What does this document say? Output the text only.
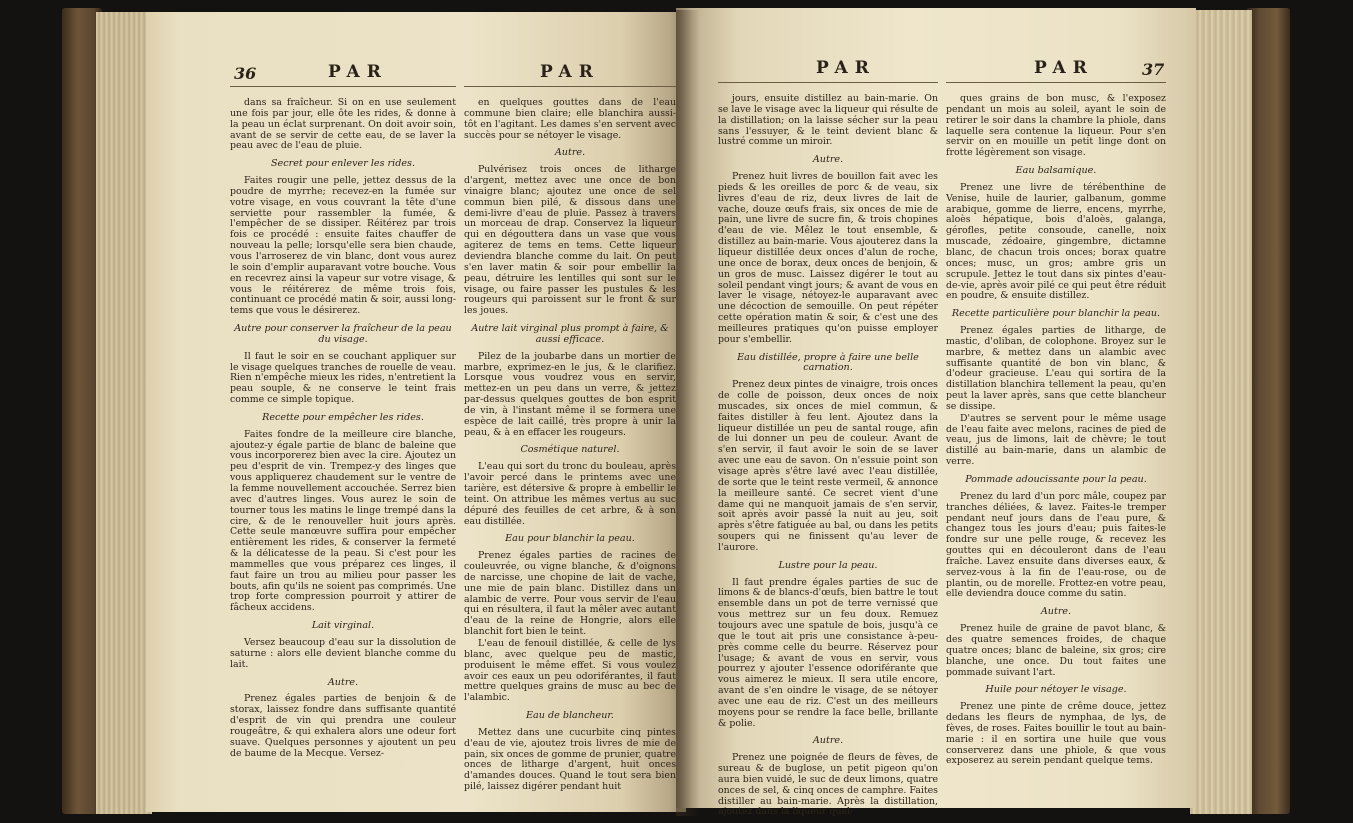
36	PAR	PAR

dans sa fraîcheur. Si on en use seulement une fois par jour, elle ôte les rides, & donne à la peau un éclat surprenant. On doit avoir soin, avant de se servir de cette eau, de se laver la peau avec de l'eau de pluie.

Secret pour enlever les rides.

Faites rougir une pelle, jettez dessus de la poudre de myrrhe; recevez-en la fumée sur votre visage, en vous couvrant la tête d'une serviette pour rassembler la fumée, & l'empêcher de se dissiper. Réitérez par trois fois ce procédé : ensuite faites chauffer de nouveau la pelle; lorsqu'elle sera bien chaude, vous l'arroserez de vin blanc, dont vous aurez le soin d'emplir auparavant votre bouche. Vous en recevrez ainsi la vapeur sur votre visage, & vous le réitérerez de même trois fois, continuant ce procédé matin & soir, aussi long-tems que vous le désirerez.

Autre pour conserver la fraîcheur de la peau du visage.

Il faut le soir en se couchant appliquer sur le visage quelques tranches de rouelle de veau. Rien n'empêche mieux les rides, n'entretient la peau souple, & ne conserve le teint frais comme ce simple topique.

Recette pour empêcher les rides.

Faites fondre de la meilleure cire blanche, ajoutez-y égale partie de blanc de baleine que vous incorporerez bien avec la cire. Ajoutez un peu d'esprit de vin. Trempez-y des linges que vous appliquerez chaudement sur le ventre de la femme nouvellement accouchée. Serrez bien avec d'autres linges. Vous aurez le soin de tourner tous les matins le linge trempé dans la cire, & de le renouveller huit jours après. Cette seule manœuvre suffira pour empêcher entièrement les rides, & conserver la fermeté & la délicatesse de la peau. Si c'est pour les mammelles que vous préparez ces linges, il faut faire un trou au milieu pour passer les bouts, afin qu'ils ne soient pas comprimés. Une trop forte compression pourroit y attirer de fâcheux accidens.

Lait virginal.

Versez beaucoup d'eau sur la dissolution de saturne : alors elle devient blanche comme du lait.

Autre.

Prenez égales parties de benjoin & de storax, laissez fondre dans suffisante quantité d'esprit de vin qui prendra une couleur rougeâtre, & qui exhalera alors une odeur fort suave. Quelques personnes y ajoutent un peu de baume de la Mecque. Versez-

en quelques gouttes dans de l'eau commune bien claire; elle blanchira aussi-tôt en l'agitant. Les dames s'en servent avec succès pour se nétoyer le visage.

Autre.

Pulvérisez trois onces de litharge d'argent, mettez avec une once de bon vinaigre blanc; ajoutez une once de sel commun bien pilé, & dissous dans une demi-livre d'eau de pluie. Passez à travers un morceau de drap. Conservez la liqueur qui en dégouttera dans un vase que vous agiterez de tems en tems. Cette liqueur deviendra blanche comme du lait. On peut s'en laver matin & soir pour embellir la peau, détruire les lentilles qui sont sur le visage, ou faire passer les pustules & les rougeurs qui paroissent sur le front & sur les joues.

Autre lait virginal plus prompt à faire, & aussi efficace.

Pilez de la joubarbe dans un mortier de marbre, exprimez-en le jus, & le clarifiez. Lorsque vous voudrez vous en servir, mettez-en un peu dans un verre, & jettez par-dessus quelques gouttes de bon esprit de vin, à l'instant même il se formera une espèce de lait caillé, très propre à unir la peau, & à en effacer les rougeurs.

Cosmétique naturel.

L'eau qui sort du tronc du bouleau, après l'avoir percé dans le printems avec une tarière, est détersive & propre à embellir le teint. On attribue les mêmes vertus au suc dépuré des feuilles de cet arbre, & à son eau distillée.

Eau pour blanchir la peau.

Prenez égales parties de racines de couleuvrée, ou vigne blanche, & d'oignons de narcisse, une chopine de lait de vache, une mie de pain blanc. Distillez dans un alambic de verre. Pour vous servir de l'eau qui en résultera, il faut la mêler avec autant d'eau de la reine de Hongrie, alors elle blanchit fort bien le teint.

L'eau de fenouil distillée, & celle de lys blanc, avec quelque peu de mastic, produisent le même effet. Si vous voulez avoir ces eaux un peu odoriférantes, il faut mettre quelques grains de musc au bec de l'alambic.

Eau de blancheur.

Mettez dans une cucurbite cinq pintes d'eau de vie, ajoutez trois livres de mie de pain, six onces de gomme de prunier, quatre onces de litharge d'argent, huit onces d'amandes douces. Quand le tout sera bien pilé, laissez digérer pendant huit

PAR	PAR	37

jours, ensuite distillez au bain-marie. On se lave le visage avec la liqueur qui résulte de la distillation; on la laisse sécher sur la peau sans l'essuyer, & le teint devient blanc & lustré comme un miroir.

Autre.

Prenez huit livres de bouillon fait avec les pieds & les oreilles de porc & de veau, six livres d'eau de riz, deux livres de lait de vache, douze œufs frais, six onces de mie de pain, une livre de sucre fin, & trois chopines d'eau de vie. Mêlez le tout ensemble, & distillez au bain-marie. Vous ajouterez dans la liqueur distillée deux onces d'alun de roche, une once de borax, deux onces de benjoin, & un gros de musc. Laissez digérer le tout au soleil pendant vingt jours; & avant de vous en laver le visage, nétoyez-le auparavant avec une décoction de semouille. On peut répéter cette opération matin & soir, & c'est une des meilleures pratiques qu'on puisse employer pour s'embellir.

Eau distillée, propre à faire une belle carnation.

Prenez deux pintes de vinaigre, trois onces de colle de poisson, deux onces de noix muscades, six onces de miel commun, & faites distiller à feu lent. Ajoutez dans la liqueur distillée un peu de santal rouge, afin de lui donner un peu de couleur. Avant de s'en servir, il faut avoir le soin de se laver avec une eau de savon. On n'essuie point son visage après s'être lavé avec l'eau distillée, de sorte que le teint reste vermeil, & annonce la meilleure santé. Ce secret vient d'une dame qui ne manquoit jamais de s'en servir, soit après avoir passé la nuit au jeu, soit après s'être fatiguée au bal, ou dans les petits soupers qui ne finissent qu'au lever de l'aurore.

Lustre pour la peau.

Il faut prendre égales parties de suc de limons & de blancs-d'œufs, bien battre le tout ensemble dans un pot de terre vernissé que vous mettrez sur un feu doux. Remuez toujours avec une spatule de bois, jusqu'à ce que le tout ait pris une consistance à-peu-près comme celle du beurre. Réservez pour l'usage; & avant de vous en servir, vous pourrez y ajouter l'essence odoriférante que vous aimerez le mieux. Il sera utile encore, avant de s'en oindre le visage, de se nétoyer avec une eau de riz. C'est un des meilleurs moyens pour se rendre la face belle, brillante & polie.

Autre.

Prenez une poignée de fleurs de fèves, de sureau & de buglose, un petit pigeon qu'on aura bien vuidé, le suc de deux limons, quatre onces de sel, & cinq onces de camphre. Faites distiller au bain-marie. Après la distillation, ajoutez dans la liqueur quel-

ques grains de bon musc, & l'exposez pendant un mois au soleil, ayant le soin de retirer le soir dans la chambre la phiole, dans laquelle sera contenue la liqueur. Pour s'en servir on en mouille un petit linge dont on frotte légèrement son visage.

Eau balsamique.

Prenez une livre de térébenthine de Venise, huile de laurier, galbanum, gomme arabique, gomme de lierre, encens, myrrhe, aloès hépatique, bois d'aloès, galanga, gérofles, petite consoude, canelle, noix muscade, zédoaire, gingembre, dictamne blanc, de chacun trois onces; borax quatre onces; musc, un gros; ambre gris un scrupule. Jettez le tout dans six pintes d'eau-de-vie, après avoir pilé ce qui peut être réduit en poudre, & ensuite distillez.

Recette particulière pour blanchir la peau.

Prenez égales parties de litharge, de mastic, d'oliban, de colophone. Broyez sur le marbre, & mettez dans un alambic avec suffisante quantité de bon vin blanc, & d'odeur gracieuse. L'eau qui sortira de la distillation blanchira tellement la peau, qu'en peut la laver après, sans que cette blancheur se dissipe.

D'autres se servent pour le même usage de l'eau faite avec melons, racines de pied de veau, jus de limons, lait de chèvre; le tout distillé au bain-marie, dans un alambic de verre.

Pommade adoucissante pour la peau.

Prenez du lard d'un porc mâle, coupez par tranches déliées, & lavez. Faites-le tremper pendant neuf jours dans de l'eau pure, & changez tous les jours d'eau; puis faites-le fondre sur une pelle rouge, & recevez les gouttes qui en découleront dans de l'eau fraîche. Lavez ensuite dans diverses eaux, & servez-vous à la fin de l'eau-rose, ou de plantin, ou de morelle. Frottez-en votre peau, elle deviendra douce comme du satin.

Autre.

Prenez huile de graine de pavot blanc, & des quatre semences froides, de chaque quatre onces; blanc de baleine, six gros; cire blanche, une once. Du tout faites une pommade suivant l'art.

Huile pour nétoyer le visage.

Prenez une pinte de crême douce, jettez dedans les fleurs de nymphaa, de lys, de fèves, de roses. Faites bouillir le tout au bain-marie : il en sortira une huile que vous conserverez dans une phiole, & que vous exposerez au serein pendant quelque tems.
